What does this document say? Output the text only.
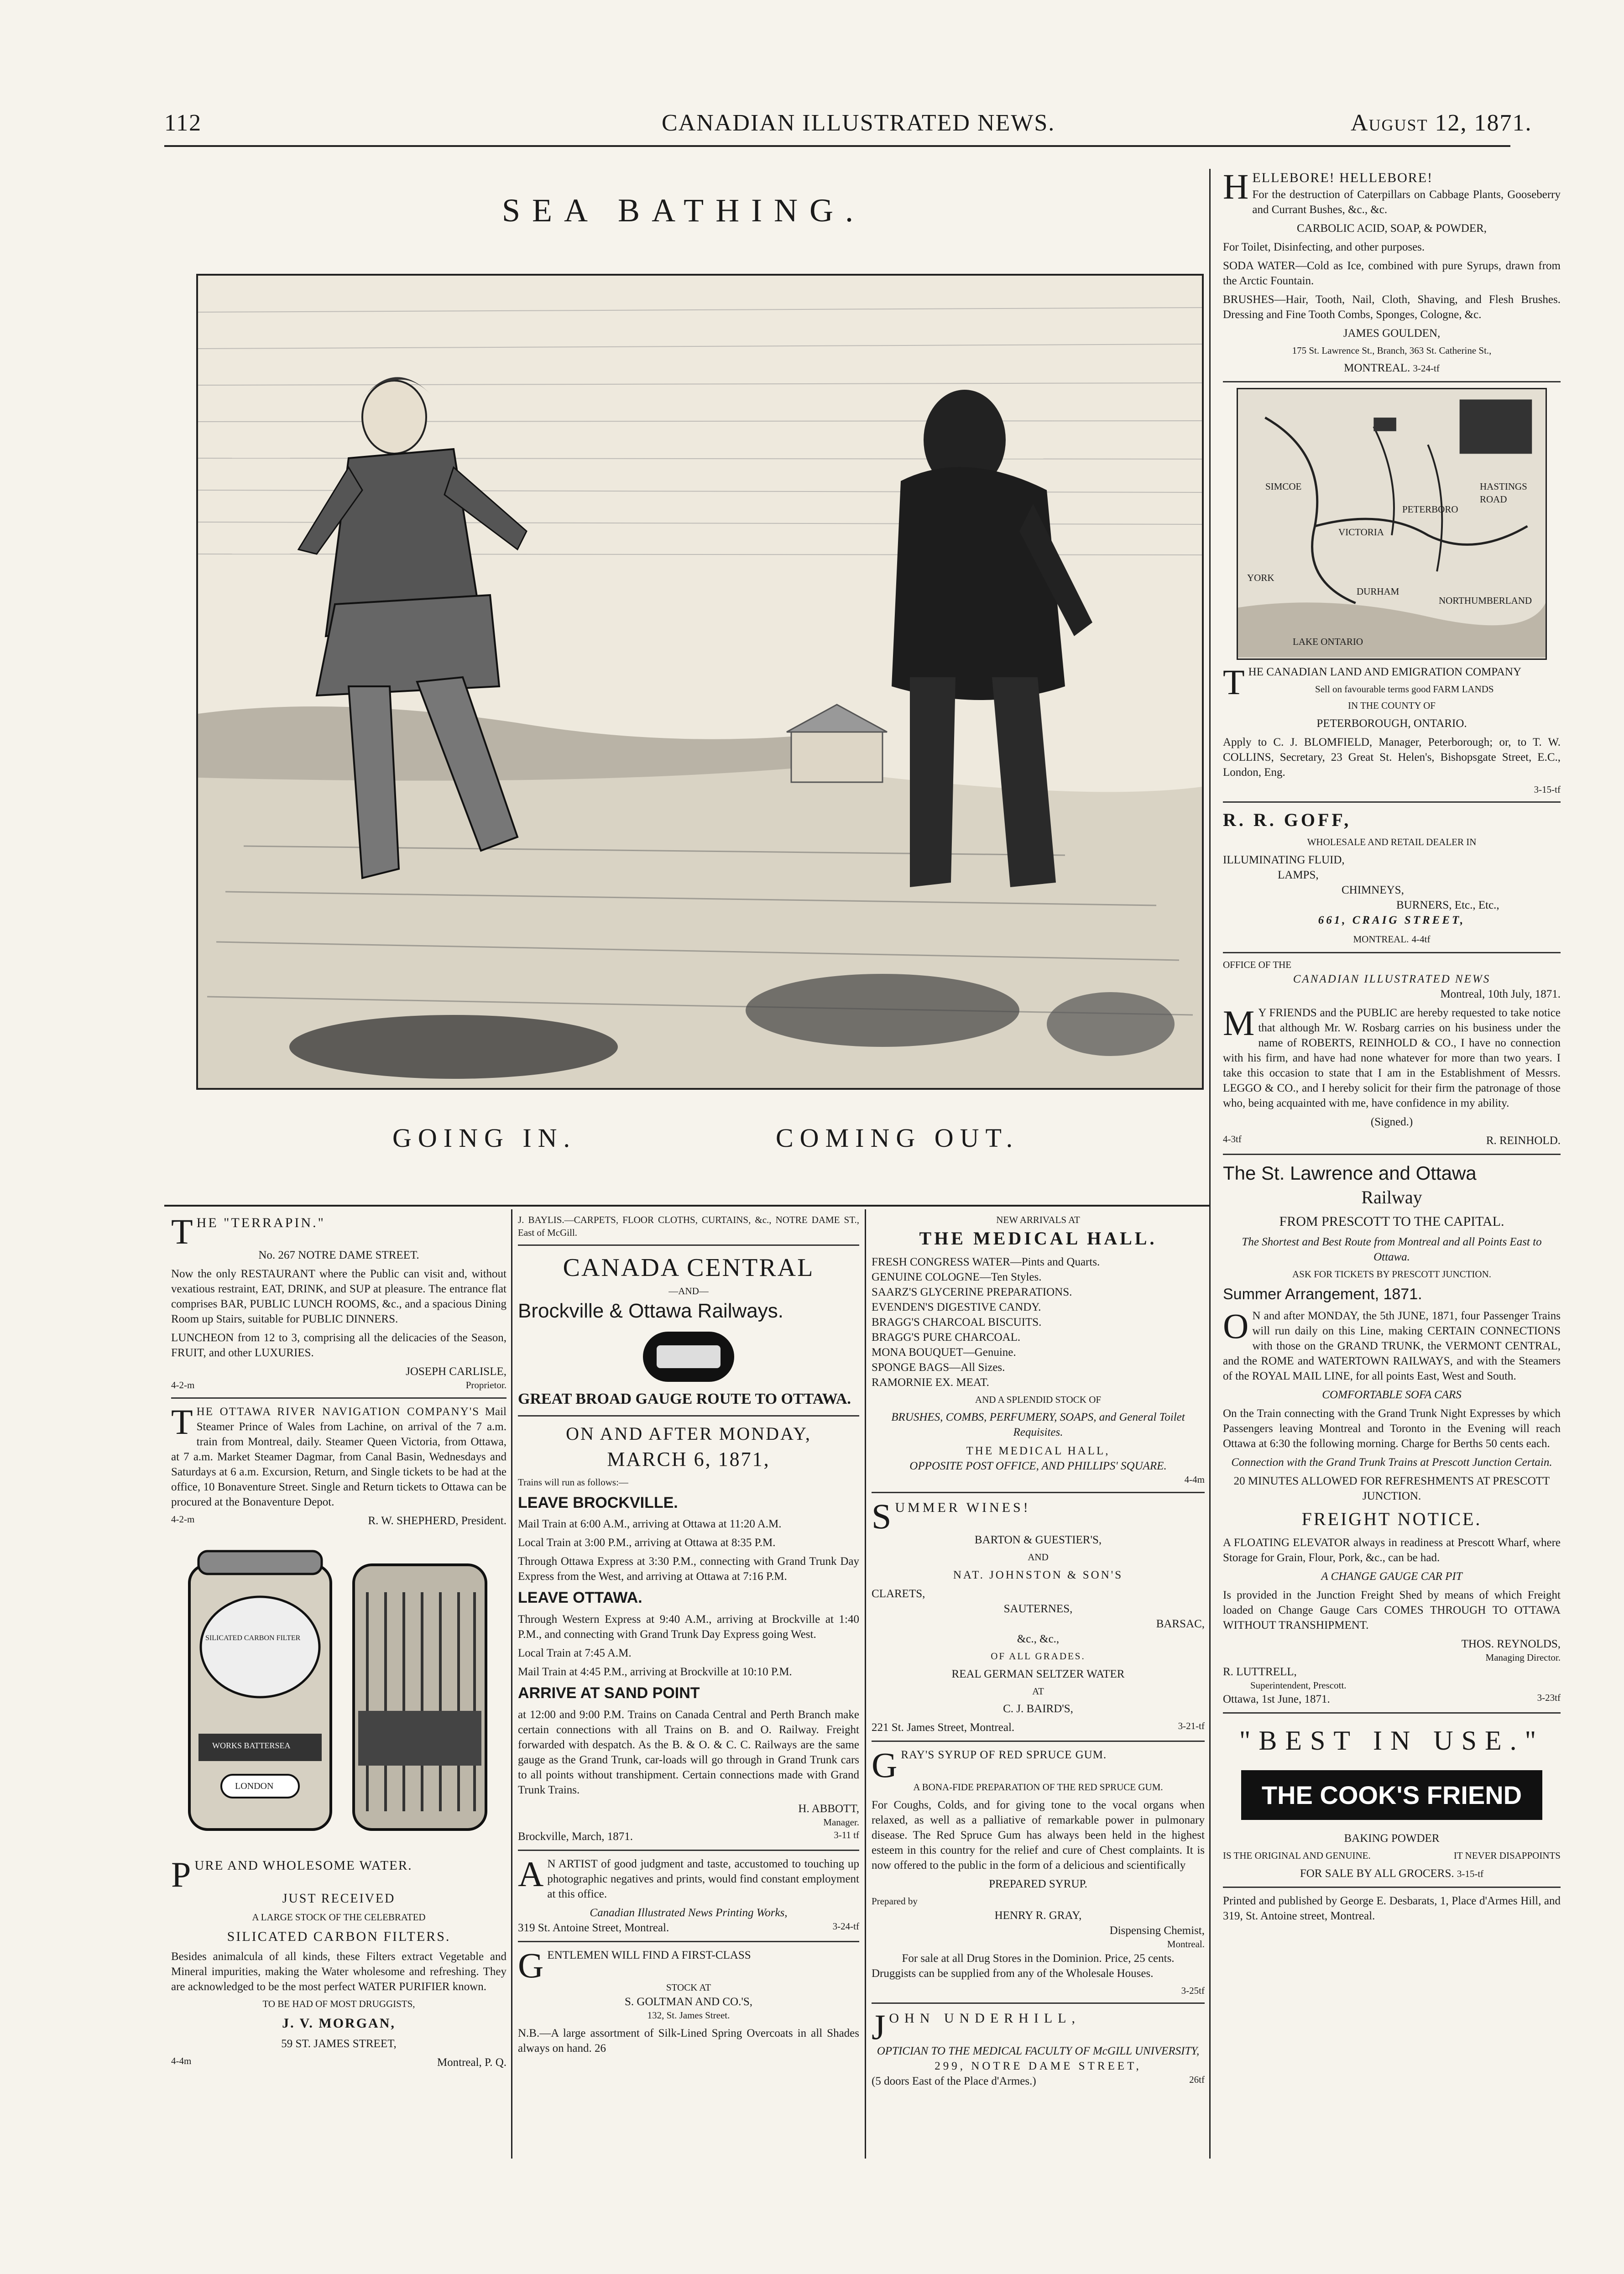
112	CANADIAN ILLUSTRATED NEWS.	August 12, 1871.
SEA BATHING.
GOING IN.	COMING OUT.

HELLEBORE! HELLEBORE!
For the destruction of Caterpillars on Cabbage Plants, Gooseberry and Currant Bushes, &c., &c.

CARBOLIC ACID, SOAP, & POWDER,

For Toilet, Disinfecting, and other purposes.

SODA WATER—Cold as Ice, combined with pure Syrups, drawn from the Arctic Fountain.

BRUSHES—Hair, Tooth, Nail, Cloth, Shaving, and Flesh Brushes. Dressing and Fine Tooth Combs, Sponges, Cologne, &c.

JAMES GOULDEN,

175 St. Lawrence St., Branch, 363 St. Catherine St.,

MONTREAL. 3-24-tf

SIMCOE
YORK
DURHAM
NORTHUMBERLAND
VICTORIA
PETERBORO
HASTINGS ROAD
LAKE ONTARIO

THE CANADIAN LAND AND EMIGRATION COMPANY

Sell on favourable terms good FARM LANDS

IN THE COUNTY OF

PETERBOROUGH, ONTARIO.

Apply to C. J. BLOMFIELD, Manager, Peterborough; or, to T. W. COLLINS, Secretary, 23 Great St. Helen's, Bishopsgate Street, E.C., London, Eng.

3-15-tf

R. R. GOFF,

WHOLESALE AND RETAIL DEALER IN

ILLUMINATING FLUID,

LAMPS,

CHIMNEYS,

BURNERS, Etc., Etc.,

661, CRAIG STREET,

MONTREAL. 4-4tf

OFFICE OF THE

CANADIAN ILLUSTRATED NEWS

Montreal, 10th July, 1871.

M Y FRIENDS and the PUBLIC are hereby requested to take notice that although Mr. W. Rosbarg carries on his business under the name of ROBERTS, REINHOLD & CO., I have no connection with his firm, and have had none whatever for more than two years. I take this occasion to state that I am in the Establishment of Messrs. LEGGO & CO., and I hereby solicit for their firm the patronage of those who, being acquainted with me, have confidence in my ability.

(Signed.)

4-3tf	R. REINHOLD.

The St. Lawrence and Ottawa

Railway

FROM PRESCOTT TO THE CAPITAL.

The Shortest and Best Route from Montreal and all Points East to Ottawa.

ASK FOR TICKETS BY PRESCOTT JUNCTION.

Summer Arrangement, 1871.

O N and after MONDAY, the 5th JUNE, 1871, four Passenger Trains will run daily on this Line, making CERTAIN CONNECTIONS with those on the GRAND TRUNK, the VERMONT CENTRAL, and the ROME and WATERTOWN RAILWAYS, and with the Steamers of the ROYAL MAIL LINE, for all points East, West and South.

COMFORTABLE SOFA CARS

On the Train connecting with the Grand Trunk Night Expresses by which Passengers leaving Montreal and Toronto in the Evening will reach Ottawa at 6:30 the following morning. Charge for Berths 50 cents each.

Connection with the Grand Trunk Trains at Prescott Junction Certain.

20 MINUTES ALLOWED FOR REFRESHMENTS AT PRESCOTT JUNCTION.

FREIGHT NOTICE.

A FLOATING ELEVATOR always in readiness at Prescott Wharf, where Storage for Grain, Flour, Pork, &c., can be had.

A CHANGE GAUGE CAR PIT

Is provided in the Junction Freight Shed by means of which Freight loaded on Change Gauge Cars COMES THROUGH TO OTTAWA WITHOUT TRANSHIPMENT.

THOS. REYNOLDS,

Managing Director.

R. LUTTRELL,

Superintendent, Prescott.

Ottawa, 1st June, 1871.	3-23tf

"BEST IN USE."
THE COOK'S FRIEND

BAKING POWDER

IS THE ORIGINAL AND GENUINE.	IT NEVER DISAPPOINTS

FOR SALE BY ALL GROCERS. 3-15-tf

Printed and published by George E. Desbarats, 1, Place d'Armes Hill, and 319, St. Antoine street, Montreal.

THE "TERRAPIN."

No. 267 NOTRE DAME STREET.

Now the only RESTAURANT where the Public can visit and, without vexatious restraint, EAT, DRINK, and SUP at pleasure. The entrance flat comprises BAR, PUBLIC LUNCH ROOMS, &c., and a spacious Dining Room up Stairs, suitable for PUBLIC DINNERS.

LUNCHEON from 12 to 3, comprising all the delicacies of the Season, FRUIT, and other LUXURIES.

JOSEPH CARLISLE,

4-2-m	Proprietor.

THE OTTAWA RIVER NAVIGATION COMPANY'S Mail Steamer Prince of Wales from Lachine, on arrival of the 7 a.m. train from Montreal, daily. Steamer Queen Victoria, from Ottawa, at 7 a.m. Market Steamer Dagmar, from Canal Basin, Wednesdays and Saturdays at 6 a.m. Excursion, Return, and Single tickets to be had at the office, 10 Bonaventure Street. Single and Return tickets to Ottawa can be procured at the Bonaventure Depot.

4-2-m	R. W. SHEPHERD, President.

SILICATED CARBON FILTER
WORKS BATTERSEA
LONDON

PURE AND WHOLESOME WATER.

JUST RECEIVED

A LARGE STOCK OF THE CELEBRATED

SILICATED CARBON FILTERS.

Besides animalcula of all kinds, these Filters extract Vegetable and Mineral impurities, making the Water wholesome and refreshing. They are acknowledged to be the most perfect WATER PURIFIER known.

TO BE HAD OF MOST DRUGGISTS,

J. V. MORGAN,

59 ST. JAMES STREET,

4-4m	Montreal, P. Q.

J. BAYLIS.—CARPETS, FLOOR CLOTHS, CURTAINS, &c., NOTRE DAME ST., East of McGill.

CANADA CENTRAL

—AND—

Brockville & Ottawa Railways.

GREAT BROAD GAUGE ROUTE TO OTTAWA.

ON AND AFTER MONDAY,

MARCH 6, 1871,

Trains will run as follows:—

LEAVE BROCKVILLE.

Mail Train at 6:00 A.M., arriving at Ottawa at 11:20 A.M.

Local Train at 3:00 P.M., arriving at Ottawa at 8:35 P.M.

Through Ottawa Express at 3:30 P.M., connecting with Grand Trunk Day Express from the West, and arriving at Ottawa at 7:16 P.M.

LEAVE OTTAWA.

Through Western Express at 9:40 A.M., arriving at Brockville at 1:40 P.M., and connecting with Grand Trunk Day Express going West.

Local Train at 7:45 A.M.

Mail Train at 4:45 P.M., arriving at Brockville at 10:10 P.M.

ARRIVE AT SAND POINT

at 12:00 and 9:00 P.M. Trains on Canada Central and Perth Branch make certain connections with all Trains on B. and O. Railway. Freight forwarded with despatch. As the B. & O. & C. C. Railways are the same gauge as the Grand Trunk, car-loads will go through in Grand Trunk cars to all points without transhipment. Certain connections made with Grand Trunk Trains.

H. ABBOTT,

Manager.

Brockville, March, 1871.	3-11 tf

A N ARTIST of good judgment and taste, accustomed to touching up photographic negatives and prints, would find constant employment at this office.

Canadian Illustrated News Printing Works,

319 St. Antoine Street, Montreal.	3-24-tf

GENTLEMEN WILL FIND A FIRST-CLASS

STOCK AT

S. GOLTMAN AND CO.'S,

132, St. James Street.

N.B.—A large assortment of Silk-Lined Spring Overcoats in all Shades always on hand. 26

NEW ARRIVALS AT

THE MEDICAL HALL.

FRESH CONGRESS WATER—Pints and Quarts.

GENUINE COLOGNE—Ten Styles.

SAARZ'S GLYCERINE PREPARATIONS.

EVENDEN'S DIGESTIVE CANDY.

BRAGG'S CHARCOAL BISCUITS.

BRAGG'S PURE CHARCOAL.

MONA BOUQUET—Genuine.

SPONGE BAGS—All Sizes.

RAMORNIE EX. MEAT.

AND A SPLENDID STOCK OF

BRUSHES, COMBS, PERFUMERY, SOAPS, and General Toilet Requisites.

THE MEDICAL HALL,

OPPOSITE POST OFFICE, AND PHILLIPS' SQUARE.

4-4m

SUMMER WINES!

BARTON & GUESTIER'S,

AND

NAT. JOHNSTON & SON'S

CLARETS,

SAUTERNES,

BARSAC,

&c., &c.,

OF ALL GRADES.

REAL GERMAN SELTZER WATER

AT

C. J. BAIRD'S,

221 St. James Street, Montreal.	3-21-tf

GRAY'S SYRUP OF RED SPRUCE GUM.

A BONA-FIDE PREPARATION OF THE RED SPRUCE GUM.

For Coughs, Colds, and for giving tone to the vocal organs when relaxed, as well as a palliative of remarkable power in pulmonary disease. The Red Spruce Gum has always been held in the highest esteem in this country for the relief and cure of Chest complaints. It is now offered to the public in the form of a delicious and scientifically

PREPARED SYRUP.

Prepared by

HENRY R. GRAY,

Dispensing Chemist,

Montreal.

For sale at all Drug Stores in the Dominion. Price, 25 cents.

Druggists can be supplied from any of the Wholesale Houses.

3-25tf

JOHN UNDERHILL,

OPTICIAN TO THE MEDICAL FACULTY OF McGILL UNIVERSITY,

299, NOTRE DAME STREET,

(5 doors East of the Place d'Armes.)	26tf
